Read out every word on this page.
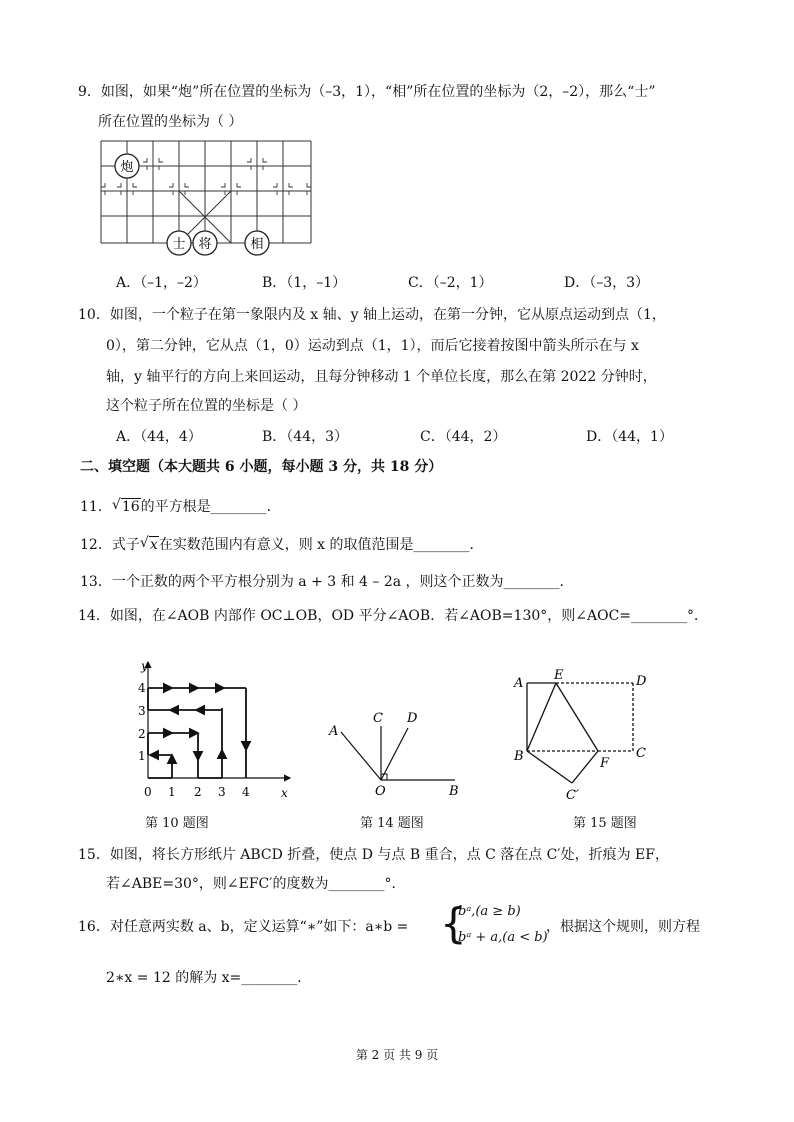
9．如图，如果“炮”所在位置的坐标为（–3，1），“相”所在位置的坐标为（2，–2），那么“士”
所在位置的坐标为（ ）
炮
士 将	相
A．（–1，–2）	B．（1，–1）	C．（–2，1）	D．（–3，3）
10．如图，一个粒子在第一象限内及 x 轴、y 轴上运动，在第一分钟，它从原点运动到点（1，
0），第二分钟，它从点（1，0）运动到点（1，1），而后它接着按图中箭头所示在与 x
轴，y 轴平行的方向上来回运动，且每分钟移动 1 个单位长度，那么在第 2022 分钟时，
这个粒子所在位置的坐标是（ ）
A．（44，4）	B．（44，3）	C．（44，2）	D．（44，1）
二、填空题（本大题共 6 小题，每小题 3 分，共 18 分）
11． √ 16的平方根是________．
12．式子 √ x在实数范围内有意义，则 x 的取值范围是________．
13．一个正数的两个平方根分别为 a + 3 和 4 – 2a ，则这个正数为________．
14．如图，在∠AOB 内部作 OC⊥OB，OD 平分∠AOB．若∠AOB=130°，则∠AOC=________°．
y
x
4
3
2
1
0 1 2 3 4
第 10 题图
A
C D
O	B
第 14 题图
A
E	D
B	F
C
C′
第 15 题图
15．如图，将长方形纸片 ABCD 折叠，使点 D 与点 B 重合，点 C 落在点 C′处，折痕为 EF，
若∠ABE=30°，则∠EFC′的度数为________°．
16．对任意两实数 a、b，定义运算“∗”如下：a∗b = {
bᵃ,(a ≥ b)
bᵃ + a,(a < b)
，根据这个规则，则方程
2∗x = 12 的解为 x=________．
第 2 页 共 9 页
